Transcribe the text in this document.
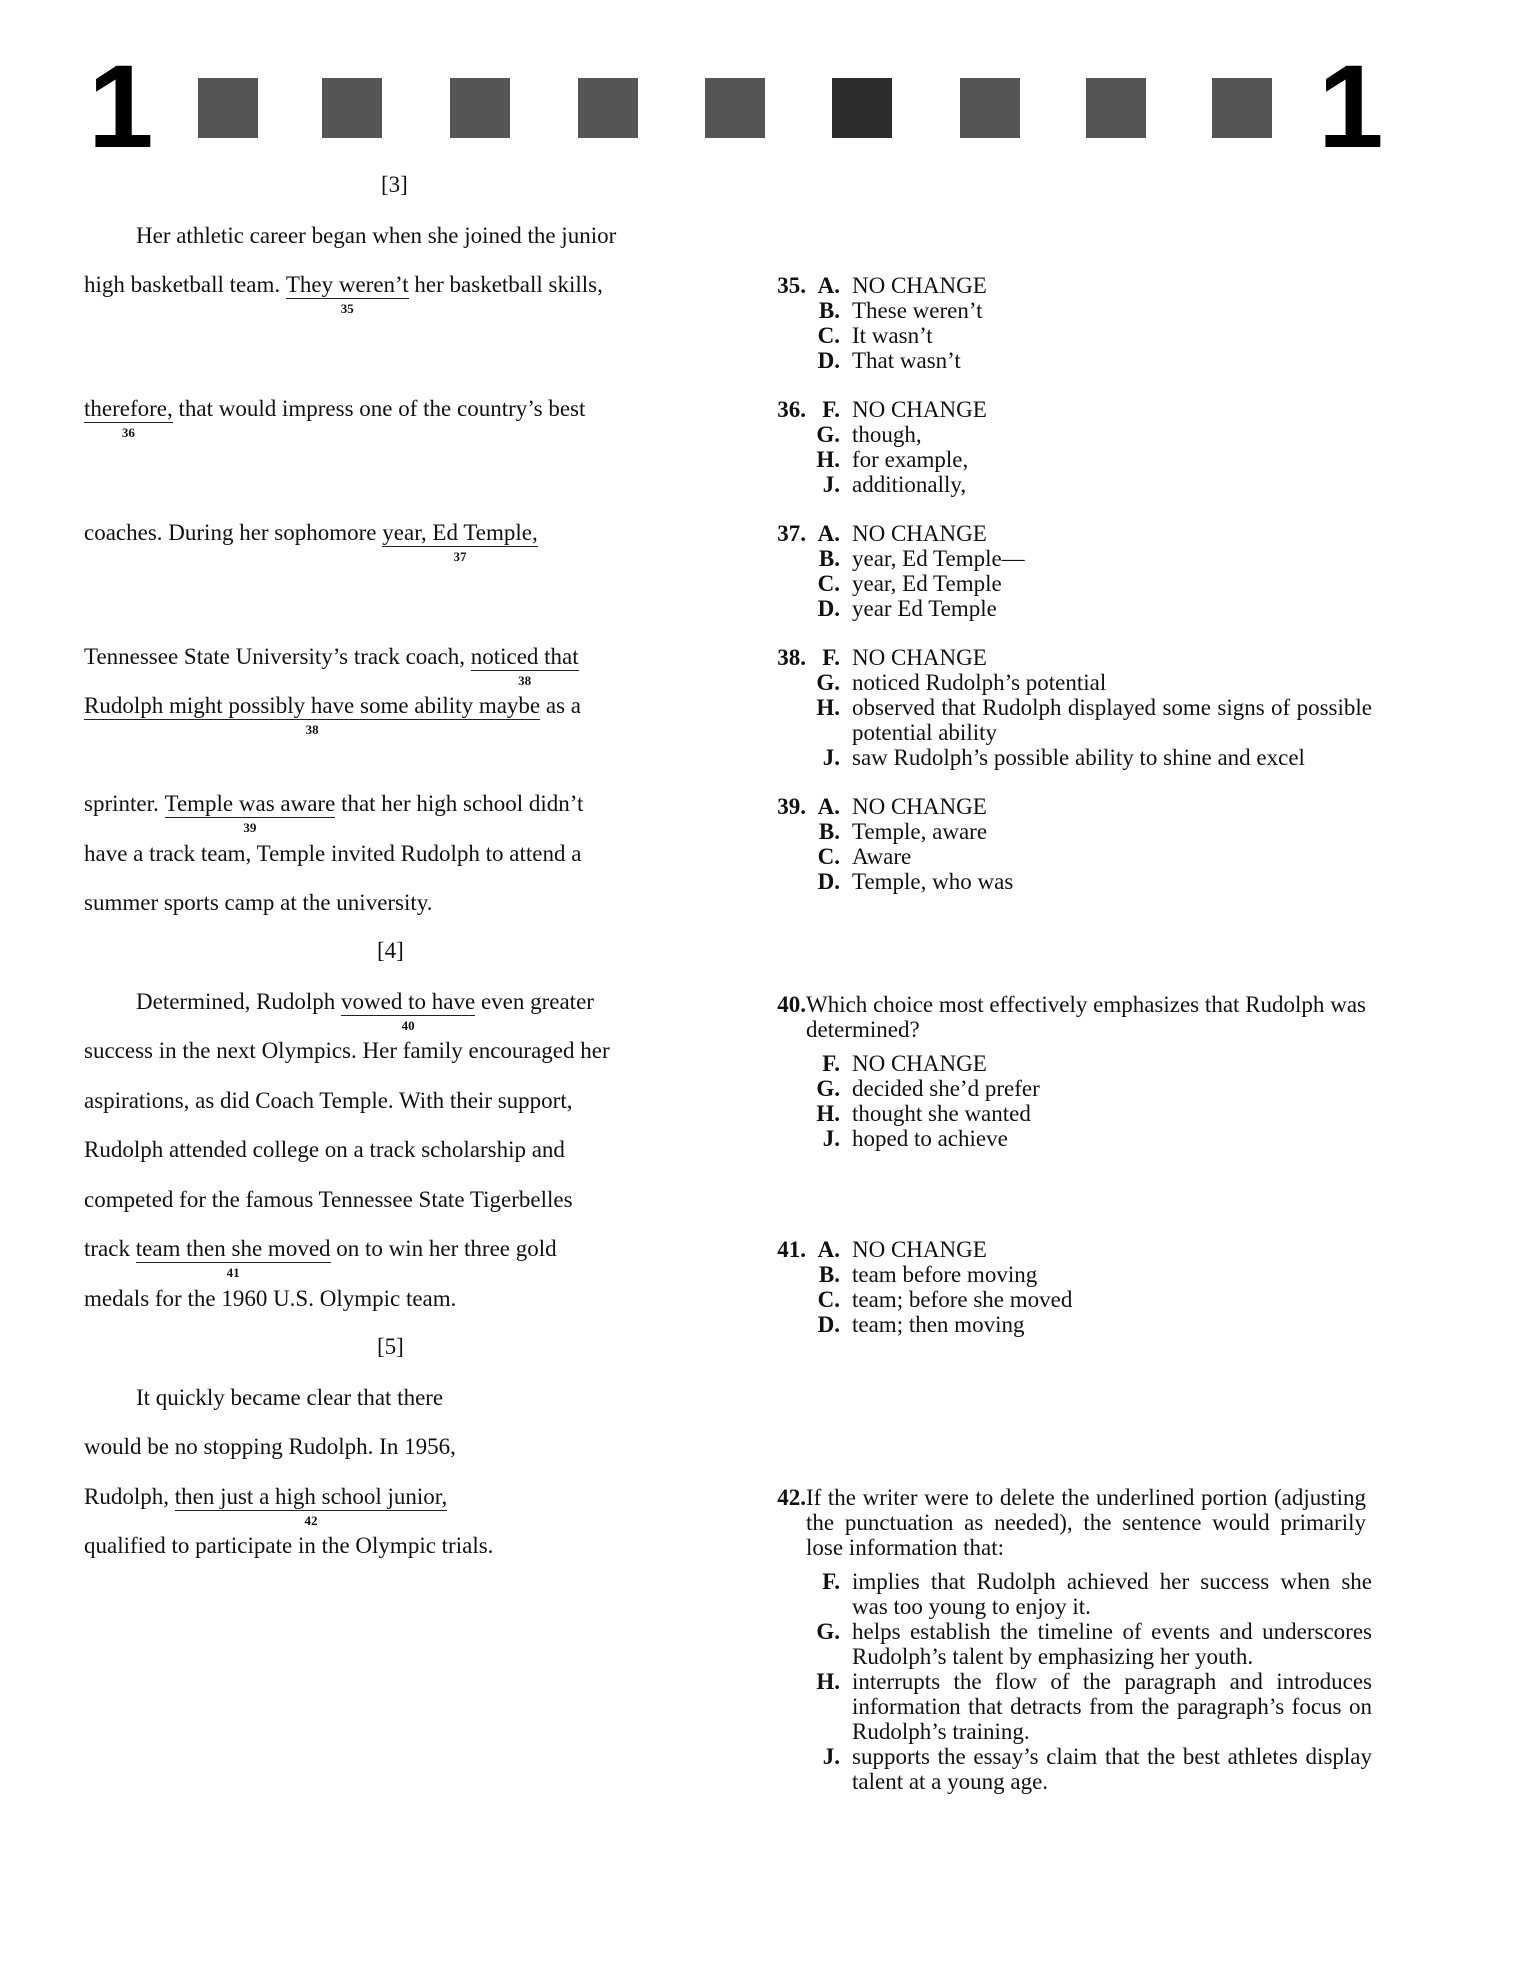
1	1
[3]
Her athletic career began when she joined the junior
high basketball team. They weren’t
35
her basketball skills,
therefore,
36
that would impress one of the country’s best
coaches. During her sophomore year, Ed Temple,
37
Tennessee State University’s track coach, noticed that
38
Rudolph might possibly have some ability maybe
38
as a
sprinter. Temple was aware
39
that her high school didn’t
have a track team, Temple invited Rudolph to attend a
summer sports camp at the university.
[4]
Determined, Rudolph vowed to have
40
even greater
success in the next Olympics. Her family encouraged her
aspirations, as did Coach Temple. With their support,
Rudolph attended college on a track scholarship and
competed for the famous Tennessee State Tigerbelles
track team then she moved
41
on to win her three gold
medals for the 1960 U.S. Olympic team.
[5]
It quickly became clear that there
would be no stopping Rudolph. In 1956,
Rudolph, then just a high school junior,
42
qualified to participate in the Olympic trials.
35. A. NO CHANGE
B. These weren’t
C. It wasn’t
D. That wasn’t
36. F. NO CHANGE
G. though,
H. for example,
J. additionally,
37. A. NO CHANGE
B. year, Ed Temple—
C. year, Ed Temple
D. year Ed Temple
38. F. NO CHANGE
G. noticed Rudolph’s potential
H. observed that Rudolph displayed some signs of possible potential ability
J. saw Rudolph’s possible ability to shine and excel
39. A. NO CHANGE
B. Temple, aware
C. Aware
D. Temple, who was
40. Which choice most effectively emphasizes that Rudolph was determined?
F. NO CHANGE
G. decided she’d prefer
H. thought she wanted
J. hoped to achieve
41. A. NO CHANGE
B. team before moving
C. team; before she moved
D. team; then moving
42. If the writer were to delete the underlined portion (adjusting the punctuation as needed), the sentence would primarily lose information that:
F. implies that Rudolph achieved her success when she was too young to enjoy it.
G. helps establish the timeline of events and underscores Rudolph’s talent by emphasizing her youth.
H. interrupts the flow of the paragraph and introduces information that detracts from the paragraph’s focus on Rudolph’s training.
J. supports the essay’s claim that the best athletes display talent at a young age.
